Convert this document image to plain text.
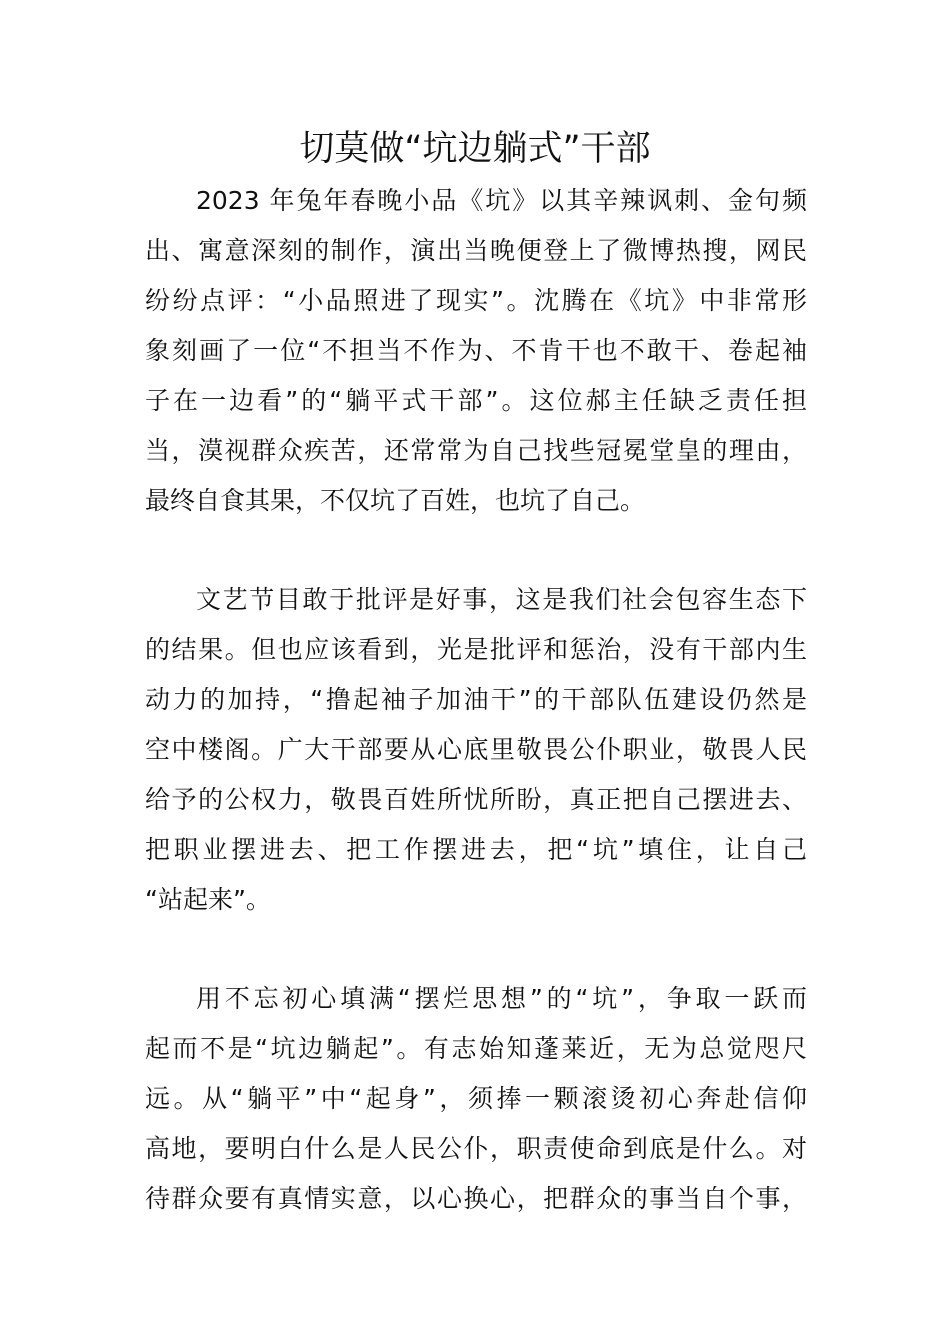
切莫做“坑边躺式”干部
2023 年兔年春晚小品《坑》以其辛辣讽刺、金句频
出、寓意深刻的制作，演出当晚便登上了微博热搜，网民
纷纷点评：“小品照进了现实”。沈腾在《坑》中非常形
象刻画了一位“不担当不作为、不肯干也不敢干、卷起袖
子在一边看”的“躺平式干部”。这位郝主任缺乏责任担
当，漠视群众疾苦，还常常为自己找些冠冕堂皇的理由，
最终自食其果，不仅坑了百姓，也坑了自己。
文艺节目敢于批评是好事，这是我们社会包容生态下
的结果。但也应该看到，光是批评和惩治，没有干部内生
动力的加持，“撸起袖子加油干”的干部队伍建设仍然是
空中楼阁。广大干部要从心底里敬畏公仆职业，敬畏人民
给予的公权力，敬畏百姓所忧所盼，真正把自己摆进去、
把职业摆进去、把工作摆进去，把“坑”填住，让自己
“站起来”。
用不忘初心填满“摆烂思想”的“坑”，争取一跃而
起而不是“坑边躺起”。有志始知蓬莱近，无为总觉咫尺
远。从“躺平”中“起身”，须捧一颗滚烫初心奔赴信仰
高地，要明白什么是人民公仆，职责使命到底是什么。对
待群众要有真情实意，以心换心，把群众的事当自个事，
